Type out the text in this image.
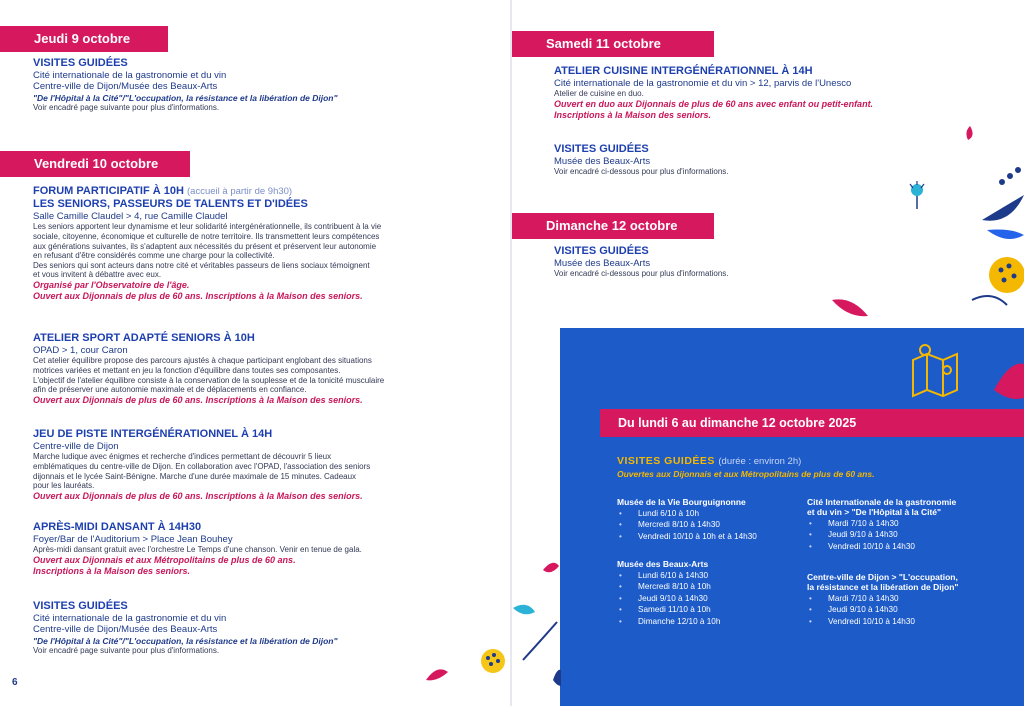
Jeudi 9 octobre
VISITES GUIDÉES
Cité internationale de la gastronomie et du vin
Centre-ville de Dijon/Musée des Beaux-Arts
"De l'Hôpital à la Cité"/"L'occupation, la résistance et la libération de Dijon"
Voir encadré page suivante pour plus d'informations.
Vendredi 10 octobre
FORUM PARTICIPATIF À 10H (accueil à partir de 9h30)
LES SENIORS, PASSEURS DE TALENTS ET D'IDÉES
Salle Camille Claudel > 4, rue Camille Claudel
Les seniors apportent leur dynamisme et leur solidarité intergénérationnelle, ils contribuent à la vie
sociale, citoyenne, économique et culturelle de notre territoire. Ils transmettent leurs compétences
aux générations suivantes, ils s'adaptent aux nécessités du présent et préservent leur autonomie
en refusant d'être considérés comme une charge pour la collectivité.
Des seniors qui sont acteurs dans notre cité et véritables passeurs de liens sociaux témoignent
et vous invitent à débattre avec eux.
Organisé par l'Observatoire de l'âge.
Ouvert aux Dijonnais de plus de 60 ans. Inscriptions à la Maison des seniors.
ATELIER SPORT ADAPTÉ SENIORS À 10H
OPAD > 1, cour Caron
Cet atelier équilibre propose des parcours ajustés à chaque participant englobant des situations
motrices variées et mettant en jeu la fonction d'équilibre dans toutes ses composantes.
L'objectif de l'atelier équilibre consiste à la conservation de la souplesse et de la tonicité musculaire
afin de préserver une autonomie maximale et de déplacements en confiance.
Ouvert aux Dijonnais de plus de 60 ans. Inscriptions à la Maison des seniors.
JEU DE PISTE INTERGÉNÉRATIONNEL À 14H
Centre-ville de Dijon
Marche ludique avec énigmes et recherche d'indices permettant de découvrir 5 lieux
emblématiques du centre-ville de Dijon. En collaboration avec l'OPAD, l'association des seniors
dijonnais et le lycée Saint-Bénigne. Marche d'une durée maximale de 15 minutes. Cadeaux
pour les lauréats.
Ouvert aux Dijonnais de plus de 60 ans. Inscriptions à la Maison des seniors.
APRÈS-MIDI DANSANT À 14H30
Foyer/Bar de l'Auditorium > Place Jean Bouhey
Après-midi dansant gratuit avec l'orchestre Le Temps d'une chanson. Venir en tenue de gala.
Ouvert aux Dijonnais et aux Métropolitains de plus de 60 ans.
Inscriptions à la Maison des seniors.
VISITES GUIDÉES
Cité internationale de la gastronomie et du vin
Centre-ville de Dijon/Musée des Beaux-Arts
"De l'Hôpital à la Cité"/"L'occupation, la résistance et la libération de Dijon"
Voir encadré page suivante pour plus d'informations.
6
Samedi 11 octobre
ATELIER CUISINE INTERGÉNÉRATIONNEL À 14H
Cité internationale de la gastronomie et du vin > 12, parvis de l'Unesco
Atelier de cuisine en duo.
Ouvert en duo aux Dijonnais de plus de 60 ans avec enfant ou petit-enfant.
Inscriptions à la Maison des seniors.
VISITES GUIDÉES
Musée des Beaux-Arts
Voir encadré ci-dessous pour plus d'informations.
Dimanche 12 octobre
VISITES GUIDÉES
Musée des Beaux-Arts
Voir encadré ci-dessous pour plus d'informations.
Du lundi 6 au dimanche 12 octobre 2025
VISITES GUIDÉES (durée : environ 2h)
Ouvertes aux Dijonnais et aux Métropolitains de plus de 60 ans.
Musée de la Vie Bourguignonne
• Lundi 6/10 à 10h
• Mercredi 8/10 à 14h30
• Vendredi 10/10 à 10h et à 14h30
Musée des Beaux-Arts
• Lundi 6/10 à 14h30
• Mercredi 8/10 à 10h
• Jeudi 9/10 à 14h30
• Samedi 11/10 à 10h
• Dimanche 12/10 à 10h
Cité Internationale de la gastronomie
et du vin > "De l'Hôpital à la Cité"
• Mardi 7/10 à 14h30
• Jeudi 9/10 à 14h30
• Vendredi 10/10 à 14h30
Centre-ville de Dijon > "L'occupation,
la résistance et la libération de Dijon"
• Mardi 7/10 à 14h30
• Jeudi 9/10 à 14h30
• Vendredi 10/10 à 14h30
